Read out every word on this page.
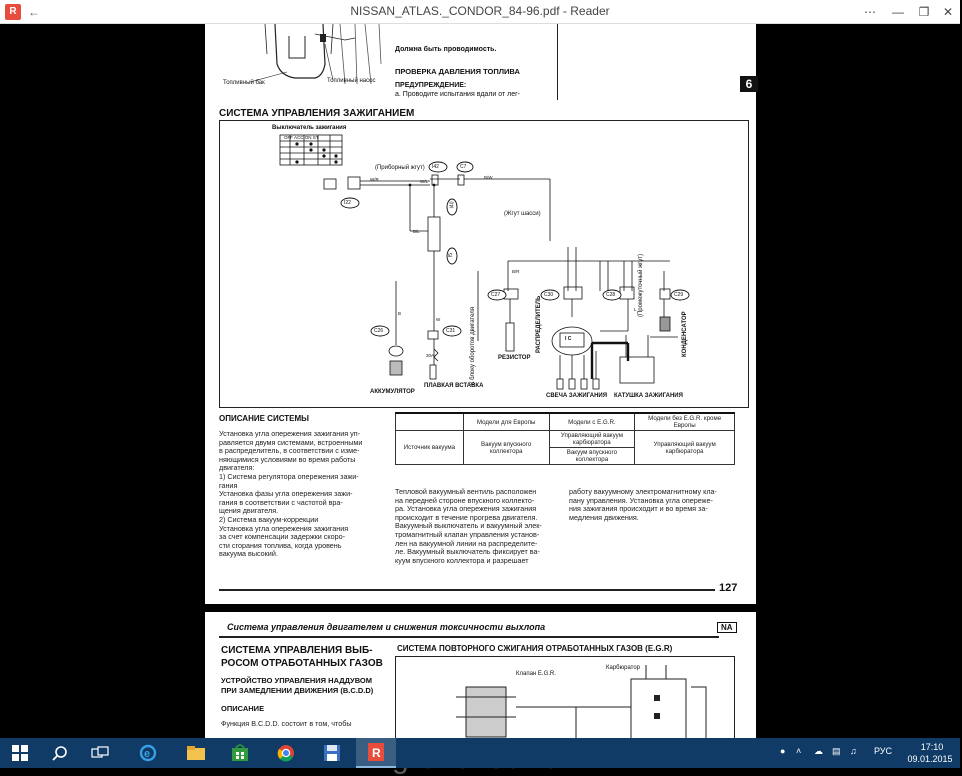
R ←	NISSAN_ATLAS._CONDOR_84-96.pdf - Reader	⋯	—	❐	✕
Топливный бак	Топливный насос
Должна быть проводимость.
ПРОВЕРКА ДАВЛЕНИЯ ТОПЛИВА
ПРЕДУПРЕЖДЕНИЕ:
а. Проводите испытания вдали от лег-
6
СИСТЕМА УПРАВЛЕНИЯ ЗАЖИГАНИЕМ
Выключатель зажигания
OFF ACC ON ST
(Приборный жгут)
(Жгут шасси)
(Промежуточный жгут)
I42	C7
I22	I40
I5
C26	C31
C27	C30	C28	C29
W/L
W/R	B/W
B/L
B
W
B/R
L
30A
I C
АККУМУЛЯТОР
ПЛАВКАЯ ВСТАВКА
РЕЗИСТОР
РАСПРЕДЕЛИТЕЛЬ
СВЕЧА ЗАЖИГАНИЯ КАТУШКА ЗАЖИГАНИЯ
КОНДЕНСАТОР
К блоку оборотов двигателя
ОПИСАНИЕ СИСТЕМЫ
Установка угла опережения зажигания уп-
равляется двумя системами, встроенными
в распределитель, в соответствии с изме-
няющимися условиями во время работы
двигателя:
1) Система регулятора опережения зажи-
гания
Установка фазы угла опережения зажи-
гания в соответствии с частотой вра-
щения двигателя.
2) Система вакуум-коррекции
Установка угла опережения зажигания
за счет компенсации задержки скоро-
сти сгорания топлива, когда уровень
вакуума высокий.
	Модели для Европы	Модели с E.G.R.	Модели без E.G.R. кроме Европы
Источник вакуума	Вакуум впускного коллектора	Управляющий вакуум карбюратора	Управляющий вакуум карбюратора
		Вакуум впускного коллектора	
Тепловой вакуумный вентиль расположен
на передней стороне впускного коллекто-
ра. Установка угла опережения зажигания
происходит в течение прогрева двигателя.
Вакуумный выключатель и вакуумный элек-
тромагнитный клапан управления установ-
лен на вакуумной линии на распределите-
ле. Вакуумный выключатель фиксирует ва-
куум впускного коллектора и разрешает
работу вакуумному электромагнитному кла-
пану управления. Установка угла опереже-
ния зажигания происходит и во время за-
медления движения.
127
Система управления двигателем и снижения токсичности выхлопа	NA
СИСТЕМА УПРАВЛЕНИЯ ВЫБ-
РОСОМ ОТРАБОТАННЫХ ГАЗОВ
УСТРОЙСТВО УПРАВЛЕНИЯ НАДДУВОМ
ПРИ ЗАМЕДЛЕНИИ ДВИЖЕНИЯ (B.C.D.D)
ОПИСАНИЕ
Функция B.C.D.D. состоит в том, чтобы
СИСТЕМА ПОВТОРНОГО СЖИГАНИЯ ОТРАБОТАННЫХ ГАЗОВ (E.G.R)
Клапан E.G.R.
Карбюратор
e	R	● ˄ ☁ ▤ ♫ РУС	17:10
09.01.2015
